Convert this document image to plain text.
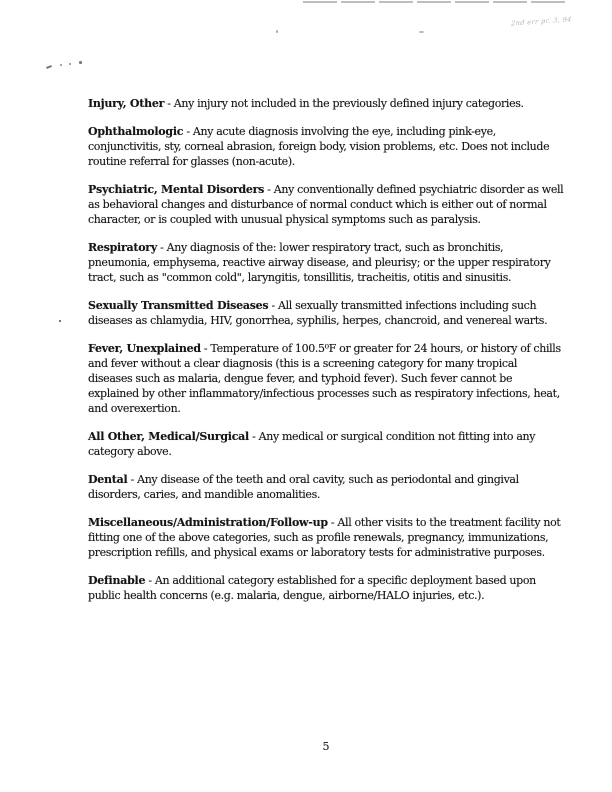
2nd err pr. 3, 94

Injury, Other - Any injury not included in the previously defined injury categories.

Ophthalmologic - Any acute diagnosis involving the eye, including pink-eye, conjunctivitis, sty, corneal abrasion, foreign body, vision problems, etc. Does not include routine referral for glasses (non-acute).

Psychiatric, Mental Disorders - Any conventionally defined psychiatric disorder as well as behavioral changes and disturbance of normal conduct which is either out of normal character, or is coupled with unusual physical symptoms such as paralysis.

Respiratory - Any diagnosis of the: lower respiratory tract, such as bronchitis, pneumonia, emphysema, reactive airway disease, and pleurisy; or the upper respiratory tract, such as "common cold", laryngitis, tonsillitis, tracheitis, otitis and sinusitis.

Sexually Transmitted Diseases - All sexually transmitted infections including such diseases as chlamydia, HIV, gonorrhea, syphilis, herpes, chancroid, and venereal warts.

Fever, Unexplained - Temperature of 100.5⁰F or greater for 24 hours, or history of chills and fever without a clear diagnosis (this is a screening category for many tropical diseases such as malaria, dengue fever, and typhoid fever). Such fever cannot be explained by other inflammatory/infectious processes such as respiratory infections, heat, and overexertion.

All Other, Medical/Surgical - Any medical or surgical condition not fitting into any category above.

Dental - Any disease of the teeth and oral cavity, such as periodontal and gingival disorders, caries, and mandible anomalities.

Miscellaneous/Administration/Follow-up - All other visits to the treatment facility not fitting one of the above categories, such as profile renewals, pregnancy, immunizations, prescription refills, and physical exams or laboratory tests for administrative purposes.

Definable - An additional category established for a specific deployment based upon public health concerns (e.g. malaria, dengue, airborne/HALO injuries, etc.).

5
